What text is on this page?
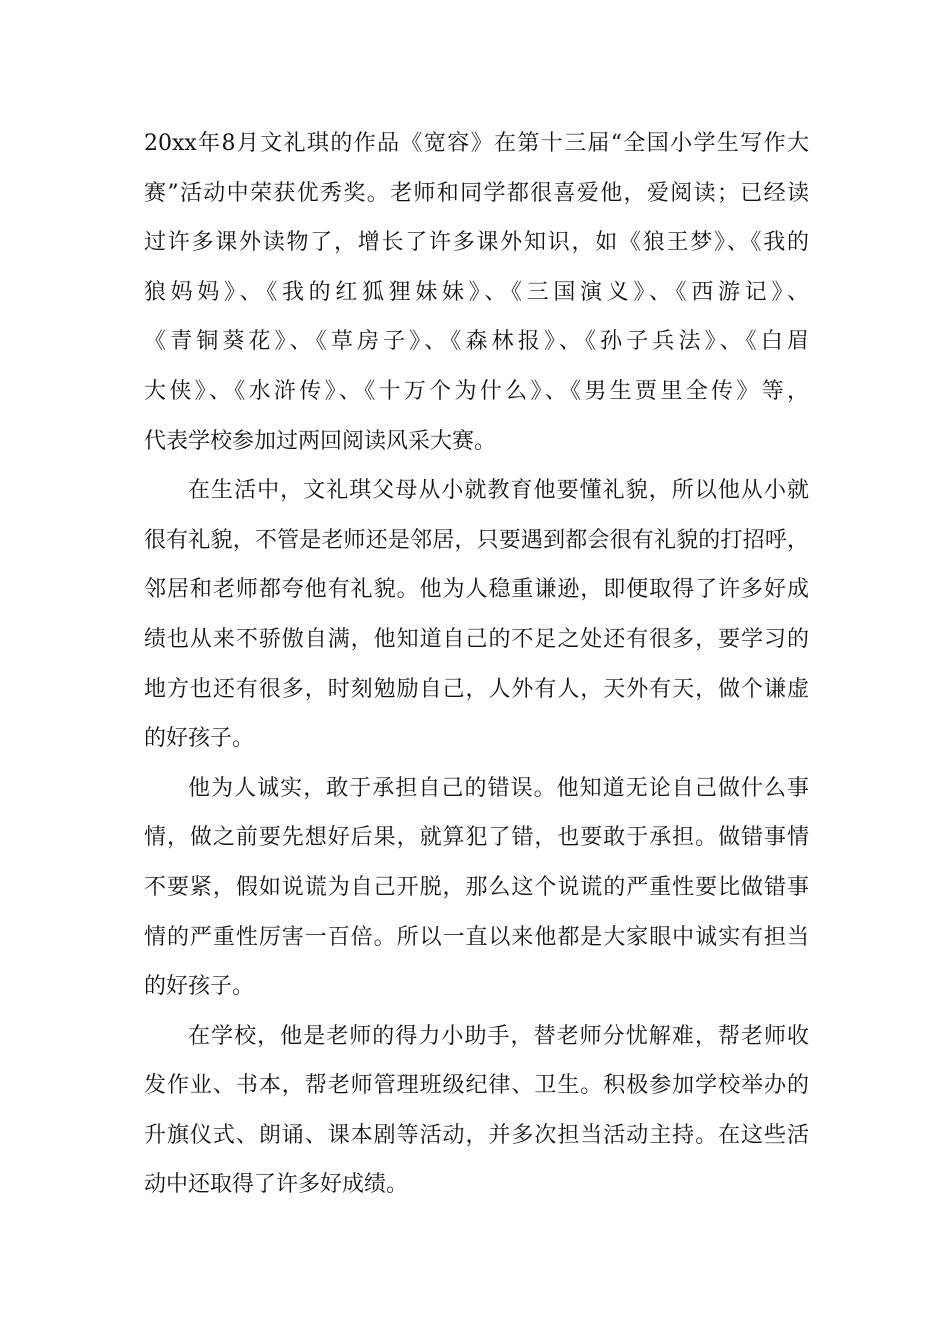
20xx年8月文礼琪的作品《宽容》在第十三届“全国小学生写作大
赛”活动中荣获优秀奖。老师和同学都很喜爱他，爱阅读；已经读
过许多课外读物了，增长了许多课外知识，如《狼王梦》、《我的
狼妈妈》、《我的红狐狸妹妹》、《三国演义》、《西游记》、
《青铜葵花》、《草房子》、《森林报》、《孙子兵法》、《白眉
大侠》、《水浒传》、《十万个为什么》、《男生贾里全传》等，
代表学校参加过两回阅读风采大赛。
在生活中，文礼琪父母从小就教育他要懂礼貌，所以他从小就
很有礼貌，不管是老师还是邻居，只要遇到都会很有礼貌的打招呼，
邻居和老师都夸他有礼貌。他为人稳重谦逊，即便取得了许多好成
绩也从来不骄傲自满，他知道自己的不足之处还有很多，要学习的
地方也还有很多，时刻勉励自己，人外有人，天外有天，做个谦虚
的好孩子。
他为人诚实，敢于承担自己的错误。他知道无论自己做什么事
情，做之前要先想好后果，就算犯了错，也要敢于承担。做错事情
不要紧，假如说谎为自己开脱，那么这个说谎的严重性要比做错事
情的严重性厉害一百倍。所以一直以来他都是大家眼中诚实有担当
的好孩子。
在学校，他是老师的得力小助手，替老师分忧解难，帮老师收
发作业、书本，帮老师管理班级纪律、卫生。积极参加学校举办的
升旗仪式、朗诵、课本剧等活动，并多次担当活动主持。在这些活
动中还取得了许多好成绩。
